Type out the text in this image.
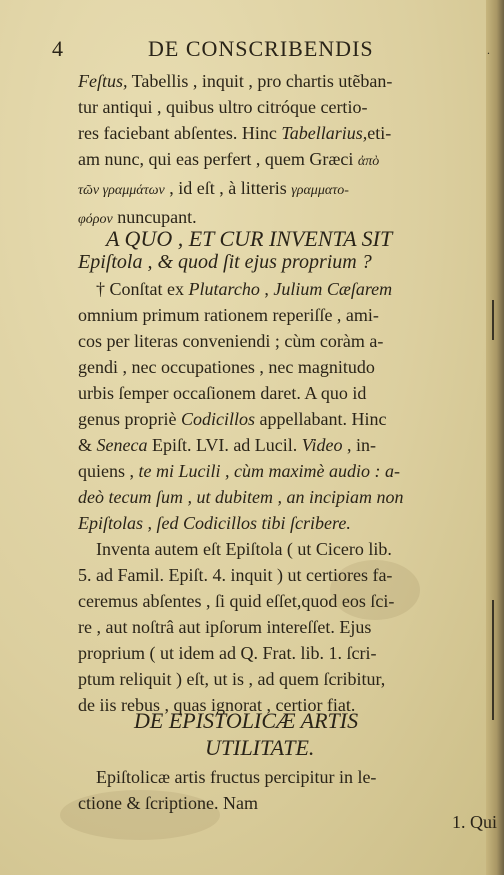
4	DE CONSCRIBENDIS	.
Feſtus, Tabellis , inquit , pro chartis utẽban-
tur antiqui , quibus ultro citróque certio-
res faciebant abſentes. Hinc Tabellarius,eti-
am nunc, qui eas perfert , quem Græci ἀπὸ
τῶν γραμμάτων , id eſt , à litteris γραμματο-
φόρον nuncupant.
A QUO , ET CUR INVENTA SIT
Epiſtola , & quod ſit ejus proprium ?
† Conſtat ex Plutarcho , Julium Cæſarem
omnium primum rationem reperiſſe , ami-
cos per literas conveniendi ; cùm coràm a-
gendi , nec occupationes , nec magnitudo
urbis ſemper occaſionem daret. A quo id
genus propriè Codicillos appellabant. Hinc
& Seneca Epiſt. LVI. ad Lucil. Video , in-
quiens , te mi Lucili , cùm maximè audio : a-
deò tecum ſum , ut dubitem , an incipiam non
Epiſtolas , ſed Codicillos tibi ſcribere.
Inventa autem eſt Epiſtola ( ut Cicero lib.
5. ad Famil. Epiſt. 4. inquit ) ut certiores fa-
ceremus abſentes , ſi quid eſſet,quod eos ſci-
re , aut noſtrâ aut ipſorum intereſſet. Ejus
proprium ( ut idem ad Q. Frat. lib. 1. ſcri-
ptum reliquit ) eſt, ut is , ad quem ſcribitur,
de iis rebus , quas ignorat , certior fiat.
DE EPISTOLICÆ ARTIS
UTILITATE.
Epiſtolicæ artis fructus percipitur in le-
ctione & ſcriptione. Nam
1. Qui
